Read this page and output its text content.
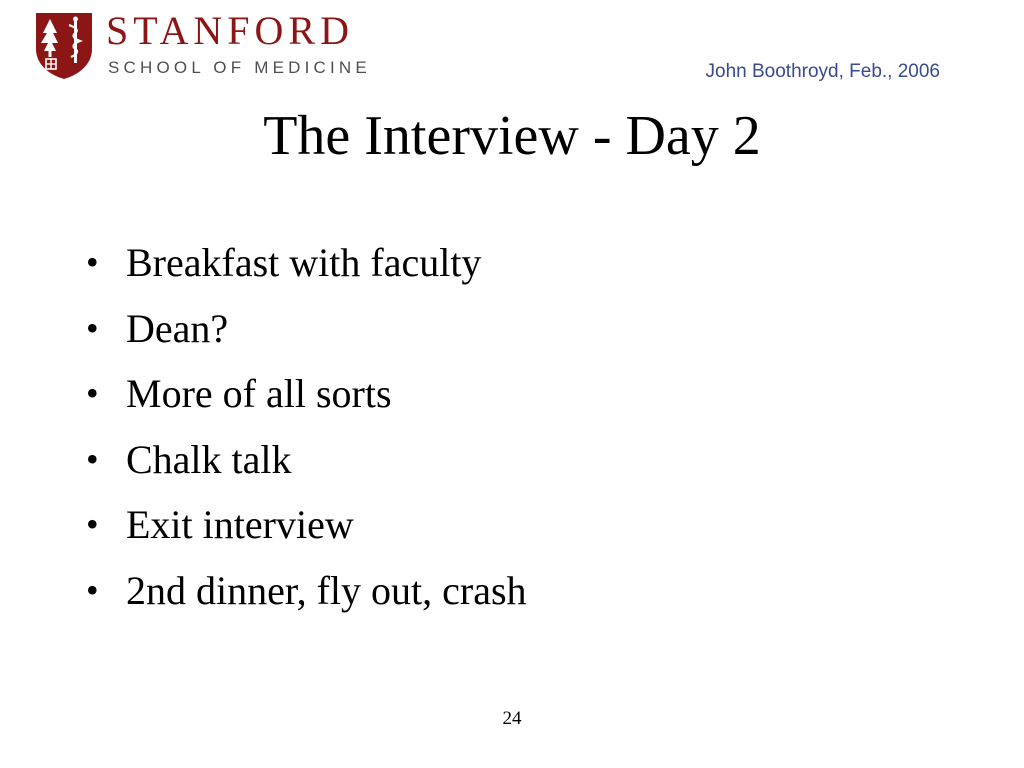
STANFORD
SCHOOL OF MEDICINE	John Boothroyd, Feb., 2006
The Interview - Day 2
• Breakfast with faculty
• Dean?
• More of all sorts
• Chalk talk
• Exit interview
• 2nd dinner, fly out, crash
24
